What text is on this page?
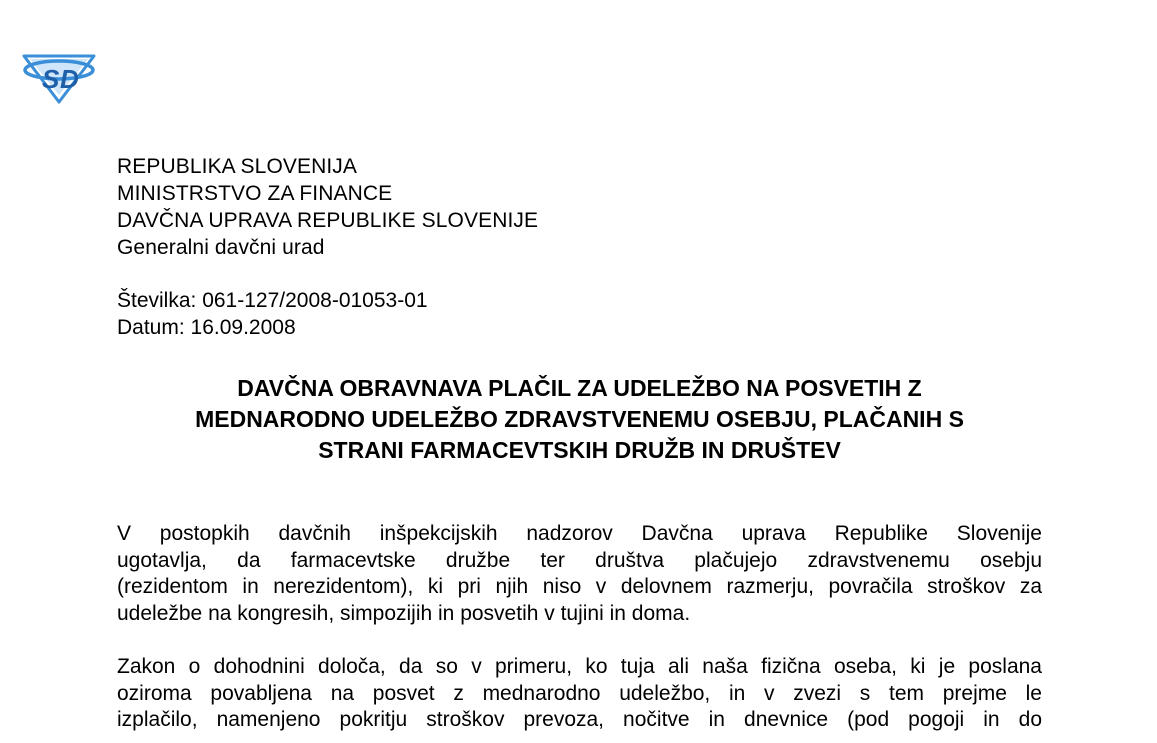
S D
REPUBLIKA SLOVENIJA
MINISTRSTVO ZA FINANCE
DAVČNA UPRAVA REPUBLIKE SLOVENIJE
Generalni davčni urad
Številka: 061-127/2008-01053-01
Datum: 16.09.2008
DAVČNA OBRAVNAVA PLAČIL ZA UDELEŽBO NA POSVETIH Z
MEDNARODNO UDELEŽBO ZDRAVSTVENEMU OSEBJU, PLAČANIH S
STRANI FARMACEVTSKIH DRUŽB IN DRUŠTEV
V postopkih davčnih inšpekcijskih nadzorov Davčna uprava Republike Slovenije
ugotavlja, da farmacevtske družbe ter društva plačujejo zdravstvenemu osebju
(rezidentom in nerezidentom), ki pri njih niso v delovnem razmerju, povračila stroškov za
udeležbe na kongresih, simpozijih in posvetih v tujini in doma.
Zakon o dohodnini določa, da so v primeru, ko tuja ali naša fizična oseba, ki je poslana
oziroma povabljena na posvet z mednarodno udeležbo, in v zvezi s tem prejme le
izplačilo, namenjeno pokritju stroškov prevoza, nočitve in dnevnice (pod pogoji in do
